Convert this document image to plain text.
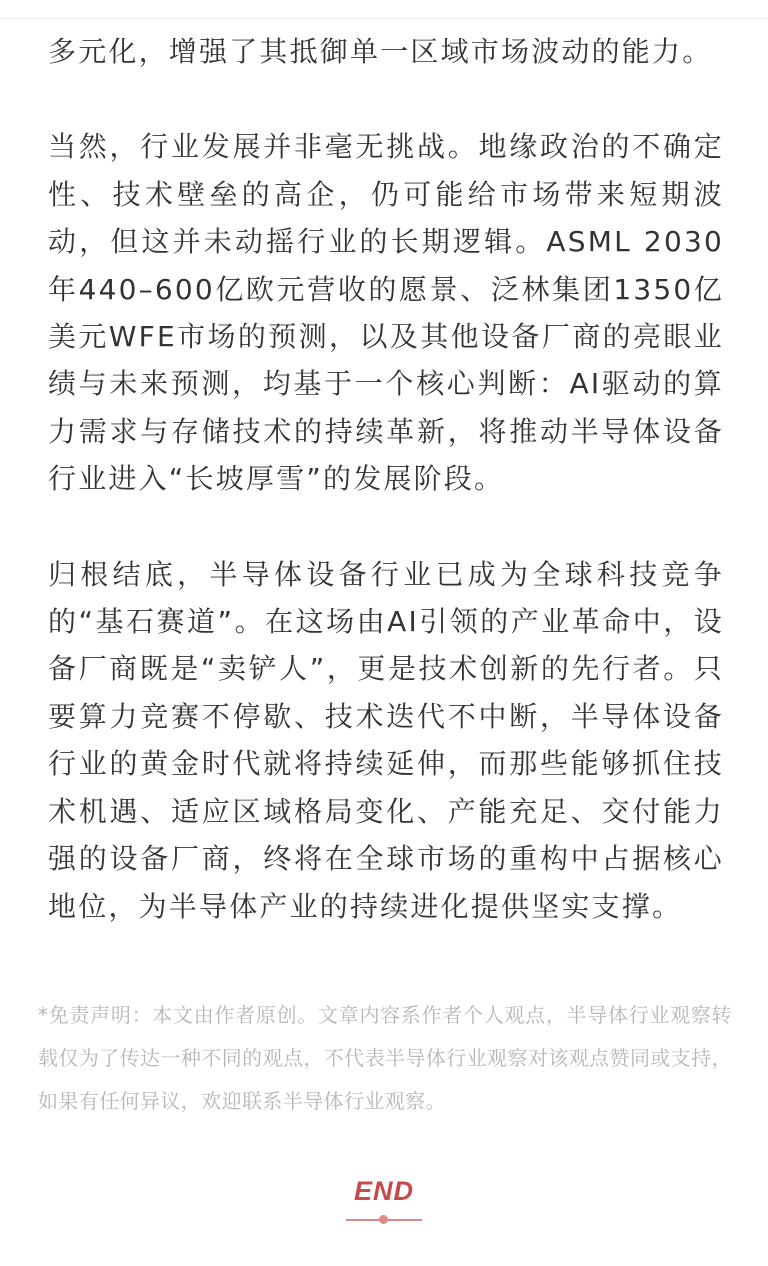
多元化，增强了其抵御单一区域市场波动的能力。

当然，行业发展并非毫无挑战。地缘政治的不确定性、技术壁垒的高企，仍可能给市场带来短期波动，但这并未动摇行业的长期逻辑。ASML 2030年440–600亿欧元营收的愿景、泛林集团1350亿美元WFE市场的预测，以及其他设备厂商的亮眼业绩与未来预测，均基于一个核心判断：AI驱动的算力需求与存储技术的持续革新，将推动半导体设备行业进入“长坡厚雪”的发展阶段。

归根结底，半导体设备行业已成为全球科技竞争的“基石赛道”。在这场由AI引领的产业革命中，设备厂商既是“卖铲人”，更是技术创新的先行者。只要算力竞赛不停歇、技术迭代不中断，半导体设备行业的黄金时代就将持续延伸，而那些能够抓住技术机遇、适应区域格局变化、产能充足、交付能力强的设备厂商，终将在全球市场的重构中占据核心地位，为半导体产业的持续进化提供坚实支撑。

*免责声明：本文由作者原创。文章内容系作者个人观点，半导体行业观察转载仅为了传达一种不同的观点，不代表半导体行业观察对该观点赞同或支持，如果有任何异议，欢迎联系半导体行业观察。
END
